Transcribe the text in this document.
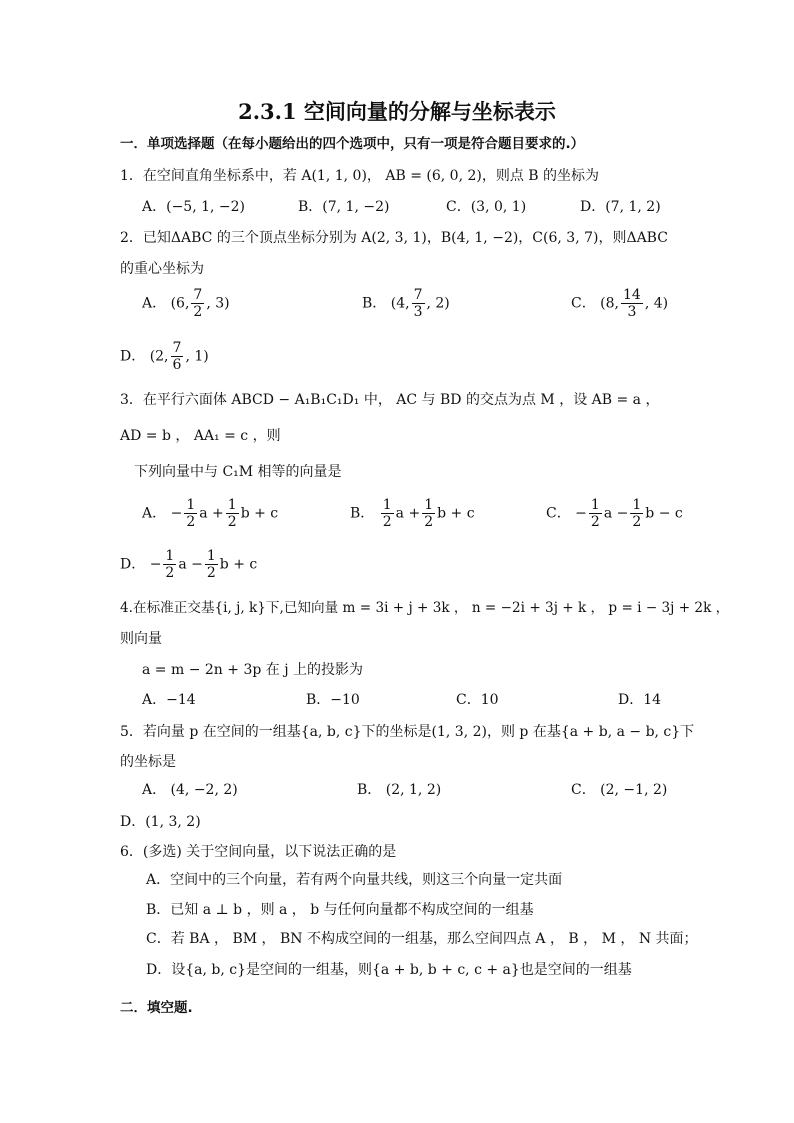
2.3.1 空间向量的分解与坐标表示
一．单项选择题（在每小题给出的四个选项中，只有一项是符合题目要求的.）
1．在空间直角坐标系中，若 A(1, 1, 0)， AB = (6, 0, 2)，则点 B 的坐标为
A．(−5, 1, −2)	B．(7, 1, −2)	C．(3, 0, 1)	D．(7, 1, 2)
2．已知ΔABC 的三个顶点坐标分别为 A(2, 3, 1)，B(4, 1, −2)，C(6, 3, 7)，则ΔABC
的重心坐标为
A． (6, $\frac{7}{2}$ , 3)	B． (4, $\frac{7}{3}$ , 2)	C． (8, $\frac{14}{3}$ , 4)
D． (2, $\frac{7}{6}$ , 1)
3．在平行六面体 ABCD − A₁B₁C₁D₁ 中， AC 与 BD 的交点为点 M ，设 AB = a ，
AD = b ， AA₁ = c ，则
下列向量中与 C₁M 相等的向量是
A． − $\frac{1}{2}$ $a + \frac{1}{2}$ b + c	B． $\frac{1}{2}$ $a + \frac{1}{2}$ b + c	C． − $\frac{1}{2}$ $a - \frac{1}{2}$ b − c
D． − $\frac{1}{2}$ $a - \frac{1}{2}$ b + c
4.在标准正交基{i, j, k}下,已知向量 m = 3i + j + 3k ， n = −2i + 3j + k ， p = i − 3j + 2k ，
则向量
a = m − 2n + 3p 在 j 上的投影为
A．−14	B．−10	C．10	D．14
5．若向量 p 在空间的一组基{a, b, c}下的坐标是(1, 3, 2)，则 p 在基{a + b, a − b, c}下
的坐标是
A． (4, −2, 2)	B． (2, 1, 2)	C． (2, −1, 2)
D．(1, 3, 2)
6．(多选) 关于空间向量，以下说法正确的是
A．空间中的三个向量，若有两个向量共线，则这三个向量一定共面
B．已知 a ⊥ b ，则 a ， b 与任何向量都不构成空间的一组基
C．若 BA ， BM ， BN 不构成空间的一组基，那么空间四点 A ， B ， M ， N 共面；
D．设{a, b, c}是空间的一组基，则{a + b, b + c, c + a}也是空间的一组基
二．填空题.
